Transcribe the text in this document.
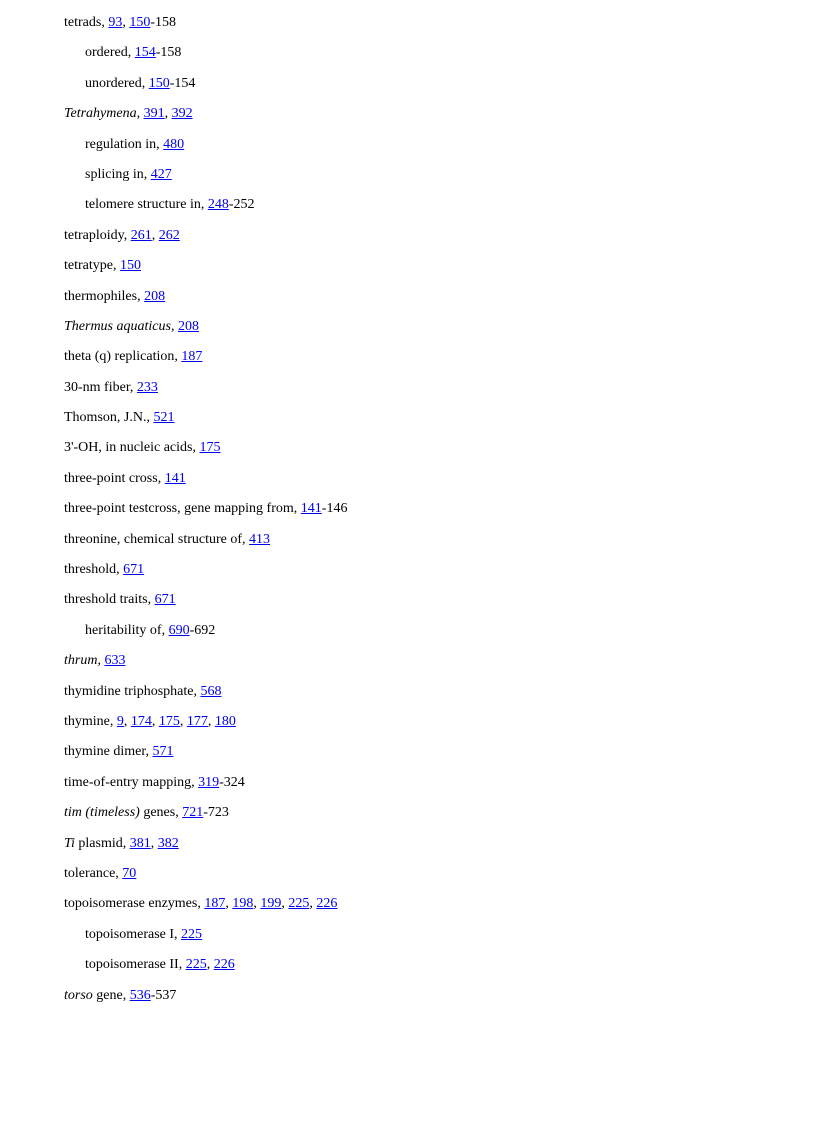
tetrads, 93, 150-158
ordered, 154-158
unordered, 150-154
Tetrahymena, 391, 392
regulation in, 480
splicing in, 427
telomere structure in, 248-252
tetraploidy, 261, 262
tetratype, 150
thermophiles, 208
Thermus aquaticus, 208
theta (q) replication, 187
30-nm fiber, 233
Thomson, J.N., 521
3'-OH, in nucleic acids, 175
three-point cross, 141
three-point testcross, gene mapping from, 141-146
threonine, chemical structure of, 413
threshold, 671
threshold traits, 671
heritability of, 690-692
thrum, 633
thymidine triphosphate, 568
thymine, 9, 174, 175, 177, 180
thymine dimer, 571
time-of-entry mapping, 319-324
tim (timeless) genes, 721-723
Ti plasmid, 381, 382
tolerance, 70
topoisomerase enzymes, 187, 198, 199, 225, 226
topoisomerase I, 225
topoisomerase II, 225, 226
torso gene, 536-537
